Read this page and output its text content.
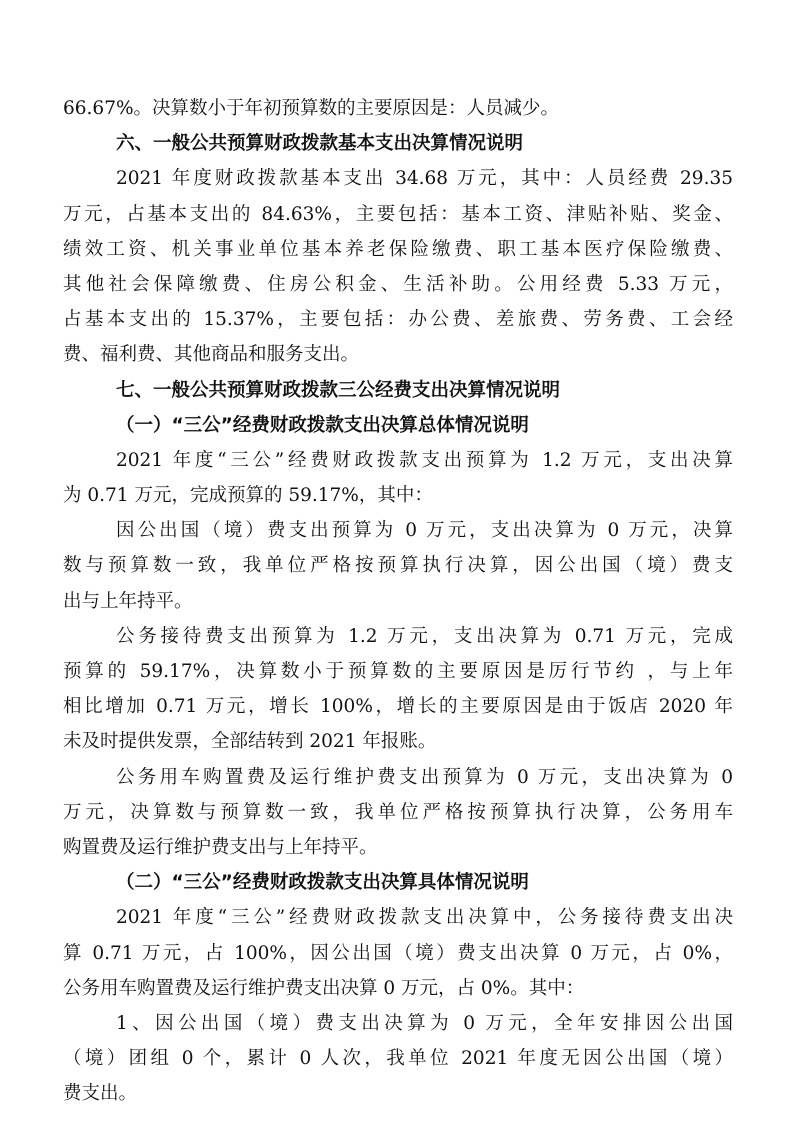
66.67%。决算数小于年初预算数的主要原因是：人员减少。
六、一般公共预算财政拨款基本支出决算情况说明
2021 年度财政拨款基本支出 34.68 万元，其中：人员经费 29.35
万元，占基本支出的 84.63%，主要包括：基本工资、津贴补贴、奖金、
绩效工资、机关事业单位基本养老保险缴费、职工基本医疗保险缴费、
其他社会保障缴费、住房公积金、生活补助。公用经费 5.33 万元，
占基本支出的 15.37%，主要包括：办公费、差旅费、劳务费、工会经
费、福利费、其他商品和服务支出。
七、一般公共预算财政拨款三公经费支出决算情况说明
（一）“三公”经费财政拨款支出决算总体情况说明
2021 年度“三公”经费财政拨款支出预算为 1.2 万元，支出决算
为 0.71 万元，完成预算的 59.17%，其中：
因公出国（境）费支出预算为 0 万元，支出决算为 0 万元，决算
数与预算数一致，我单位严格按预算执行决算，因公出国（境）费支
出与上年持平。
公务接待费支出预算为 1.2 万元，支出决算为 0.71 万元，完成
预算的 59.17%，决算数小于预算数的主要原因是厉行节约 ，与上年
相比增加 0.71 万元，增长 100%，增长的主要原因是由于饭店 2020 年
未及时提供发票，全部结转到 2021 年报账。
公务用车购置费及运行维护费支出预算为 0 万元，支出决算为 0
万元，决算数与预算数一致，我单位严格按预算执行决算，公务用车
购置费及运行维护费支出与上年持平。
（二）“三公”经费财政拨款支出决算具体情况说明
2021 年度“三公”经费财政拨款支出决算中，公务接待费支出决
算 0.71 万元，占 100%，因公出国（境）费支出决算 0 万元，占 0%，
公务用车购置费及运行维护费支出决算 0 万元，占 0%。其中：
1、因公出国（境）费支出决算为 0 万元，全年安排因公出国
（境）团组 0 个，累计 0 人次，我单位 2021 年度无因公出国（境）
费支出。
